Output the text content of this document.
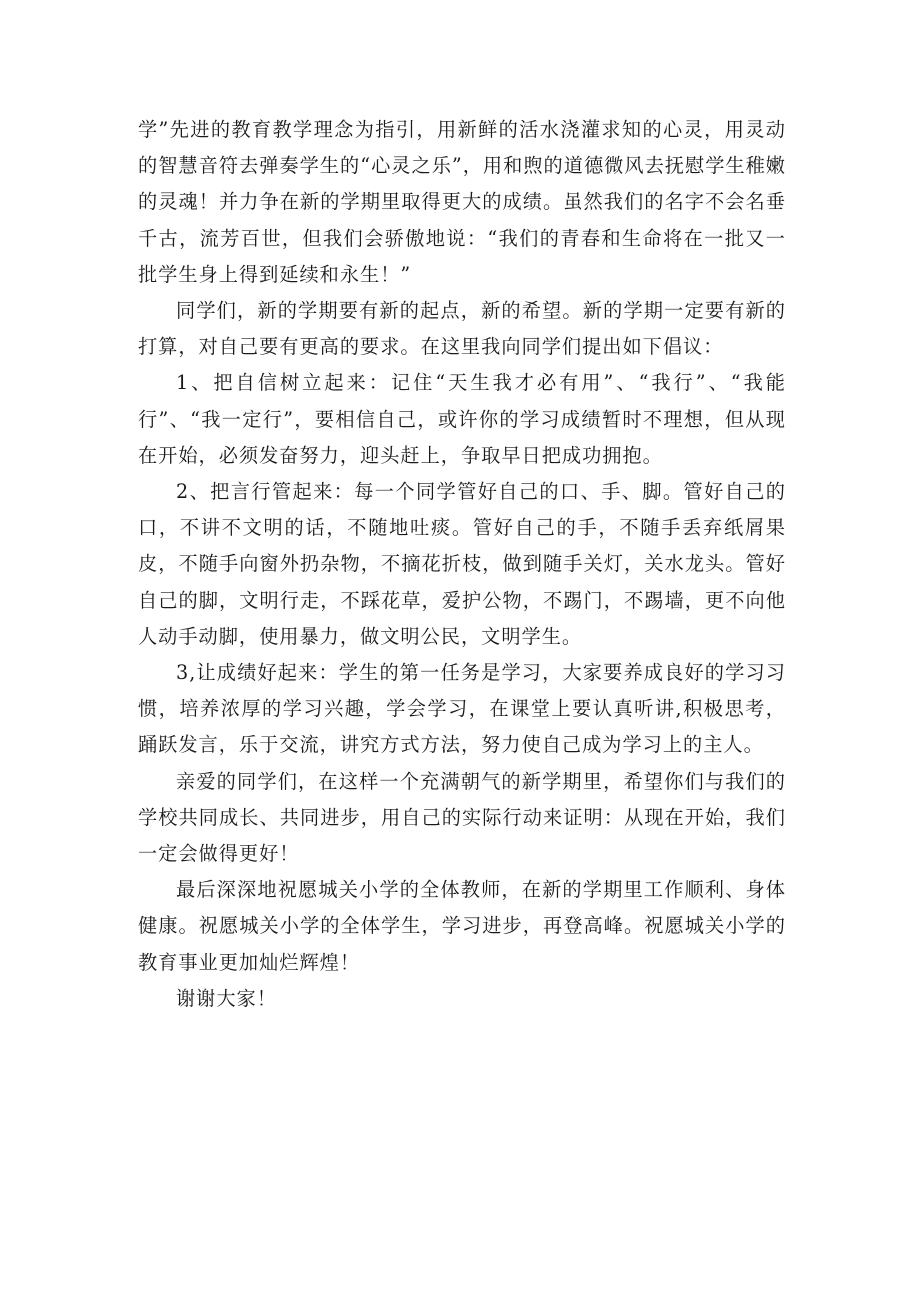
学”先进的教育教学理念为指引，用新鲜的活水浇灌求知的心灵，用灵动的智慧音符去弹奏学生的“心灵之乐”，用和煦的道德微风去抚慰学生稚嫩的灵魂！并力争在新的学期里取得更大的成绩。虽然我们的名字不会名垂千古，流芳百世，但我们会骄傲地说：“我们的青春和生命将在一批又一批学生身上得到延续和永生！”

同学们，新的学期要有新的起点，新的希望。新的学期一定要有新的打算，对自己要有更高的要求。在这里我向同学们提出如下倡议：

1、把自信树立起来：记住“天生我才必有用”、“我行”、“我能行”、“我一定行”，要相信自己，或许你的学习成绩暂时不理想，但从现在开始，必须发奋努力，迎头赶上，争取早日把成功拥抱。

2、把言行管起来：每一个同学管好自己的口、手、脚。管好自己的口，不讲不文明的话，不随地吐痰。管好自己的手，不随手丢弃纸屑果皮，不随手向窗外扔杂物，不摘花折枝，做到随手关灯，关水龙头。管好自己的脚，文明行走，不踩花草，爱护公物，不踢门，不踢墙，更不向他人动手动脚，使用暴力，做文明公民，文明学生。

3,让成绩好起来：学生的第一任务是学习，大家要养成良好的学习习惯，培养浓厚的学习兴趣，学会学习，在课堂上要认真听讲,积极思考，踊跃发言，乐于交流，讲究方式方法，努力使自己成为学习上的主人。

亲爱的同学们，在这样一个充满朝气的新学期里，希望你们与我们的学校共同成长、共同进步，用自己的实际行动来证明：从现在开始，我们一定会做得更好！

最后深深地祝愿城关小学的全体教师，在新的学期里工作顺利、身体健康。祝愿城关小学的全体学生，学习进步，再登高峰。祝愿城关小学的教育事业更加灿烂辉煌！

谢谢大家！
